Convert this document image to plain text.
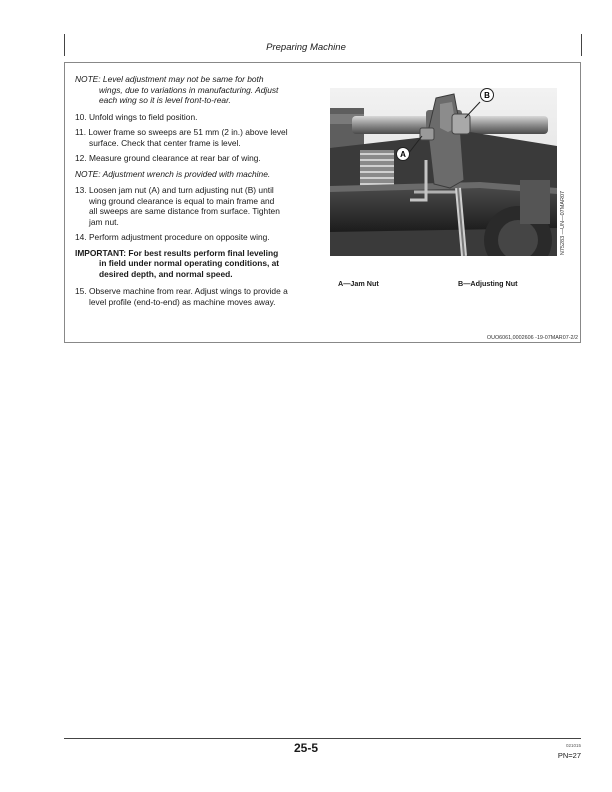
Preparing Machine
NOTE: Level adjustment may not be same for both
wings, due to variations in manufacturing. Adjust
each wing so it is level front-to-rear.
10. Unfold wings to field position.
11. Lower frame so sweeps are 51 mm (2 in.) above level
surface. Check that center frame is level.
12. Measure ground clearance at rear bar of wing.
NOTE: Adjustment wrench is provided with machine.
13. Loosen jam nut (A) and turn adjusting nut (B) until
wing ground clearance is equal to main frame and
all sweeps are same distance from surface. Tighten
jam nut.
14. Perform adjustment procedure on opposite wing.
IMPORTANT: For best results perform final leveling
in field under normal operating conditions, at
desired depth, and normal speed.
15. Observe machine from rear. Adjust wings to provide a
level profile (end-to-end) as machine moves away.
B
A
N75283 —UN—07MAR07
A—Jam Nut	B—Adjusting Nut
OUO6061,0002606 -19-07MAR07-2/2
25-5	021015
PN=27
